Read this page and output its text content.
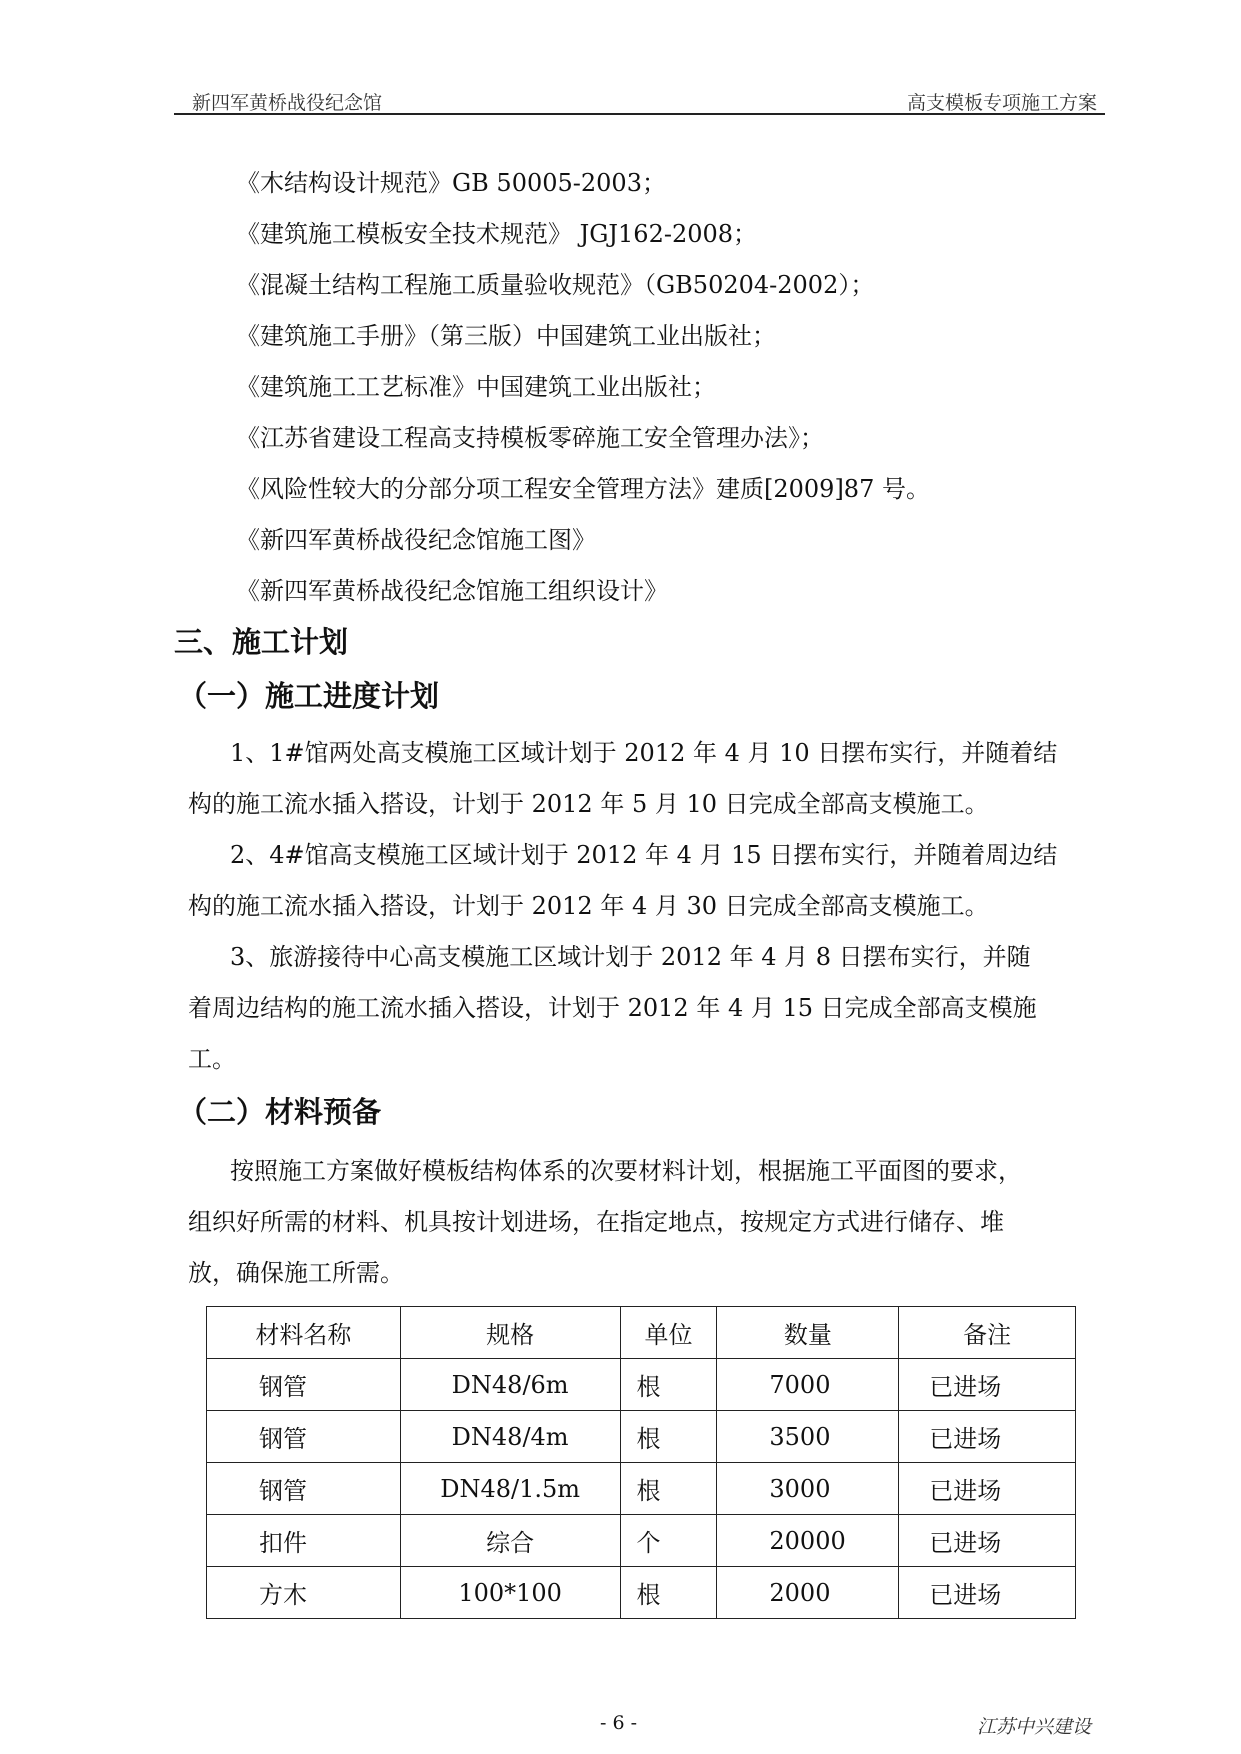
新四军黄桥战役纪念馆	高支模板专项施工方案
《木结构设计规范》GB 50005-2003；
《建筑施工模板安全技术规范》 JGJ162-2008；
《混凝土结构工程施工质量验收规范》（GB50204-2002）；
《建筑施工手册》（第三版）中国建筑工业出版社；
《建筑施工工艺标准》中国建筑工业出版社；
《江苏省建设工程高支持模板零碎施工安全管理办法》；
《风险性较大的分部分项工程安全管理方法》建质[2009]87 号。
《新四军黄桥战役纪念馆施工图》
《新四军黄桥战役纪念馆施工组织设计》
三、施工计划
（一）施工进度计划
1、1#馆两处高支模施工区域计划于 2012 年 4 月 10 日摆布实行，并随着结
构的施工流水插入搭设，计划于 2012 年 5 月 10 日完成全部高支模施工。
2、4#馆高支模施工区域计划于 2012 年 4 月 15 日摆布实行，并随着周边结
构的施工流水插入搭设，计划于 2012 年 4 月 30 日完成全部高支模施工。
3、旅游接待中心高支模施工区域计划于 2012 年 4 月 8 日摆布实行，并随
着周边结构的施工流水插入搭设，计划于 2012 年 4 月 15 日完成全部高支模施
工。
（二）材料预备
按照施工方案做好模板结构体系的次要材料计划，根据施工平面图的要求，
组织好所需的材料、机具按计划进场，在指定地点，按规定方式进行储存、堆
放，确保施工所需。
材料名称	规格	单位	数量	备注
钢管	DN48/6m	根	7000	已进场
钢管	DN48/4m	根	3500	已进场
钢管	DN48/1.5m	根	3000	已进场
扣件	综合	个	20000	已进场
方木	100*100	根	2000	已进场
- 6 -	江苏中兴建设
